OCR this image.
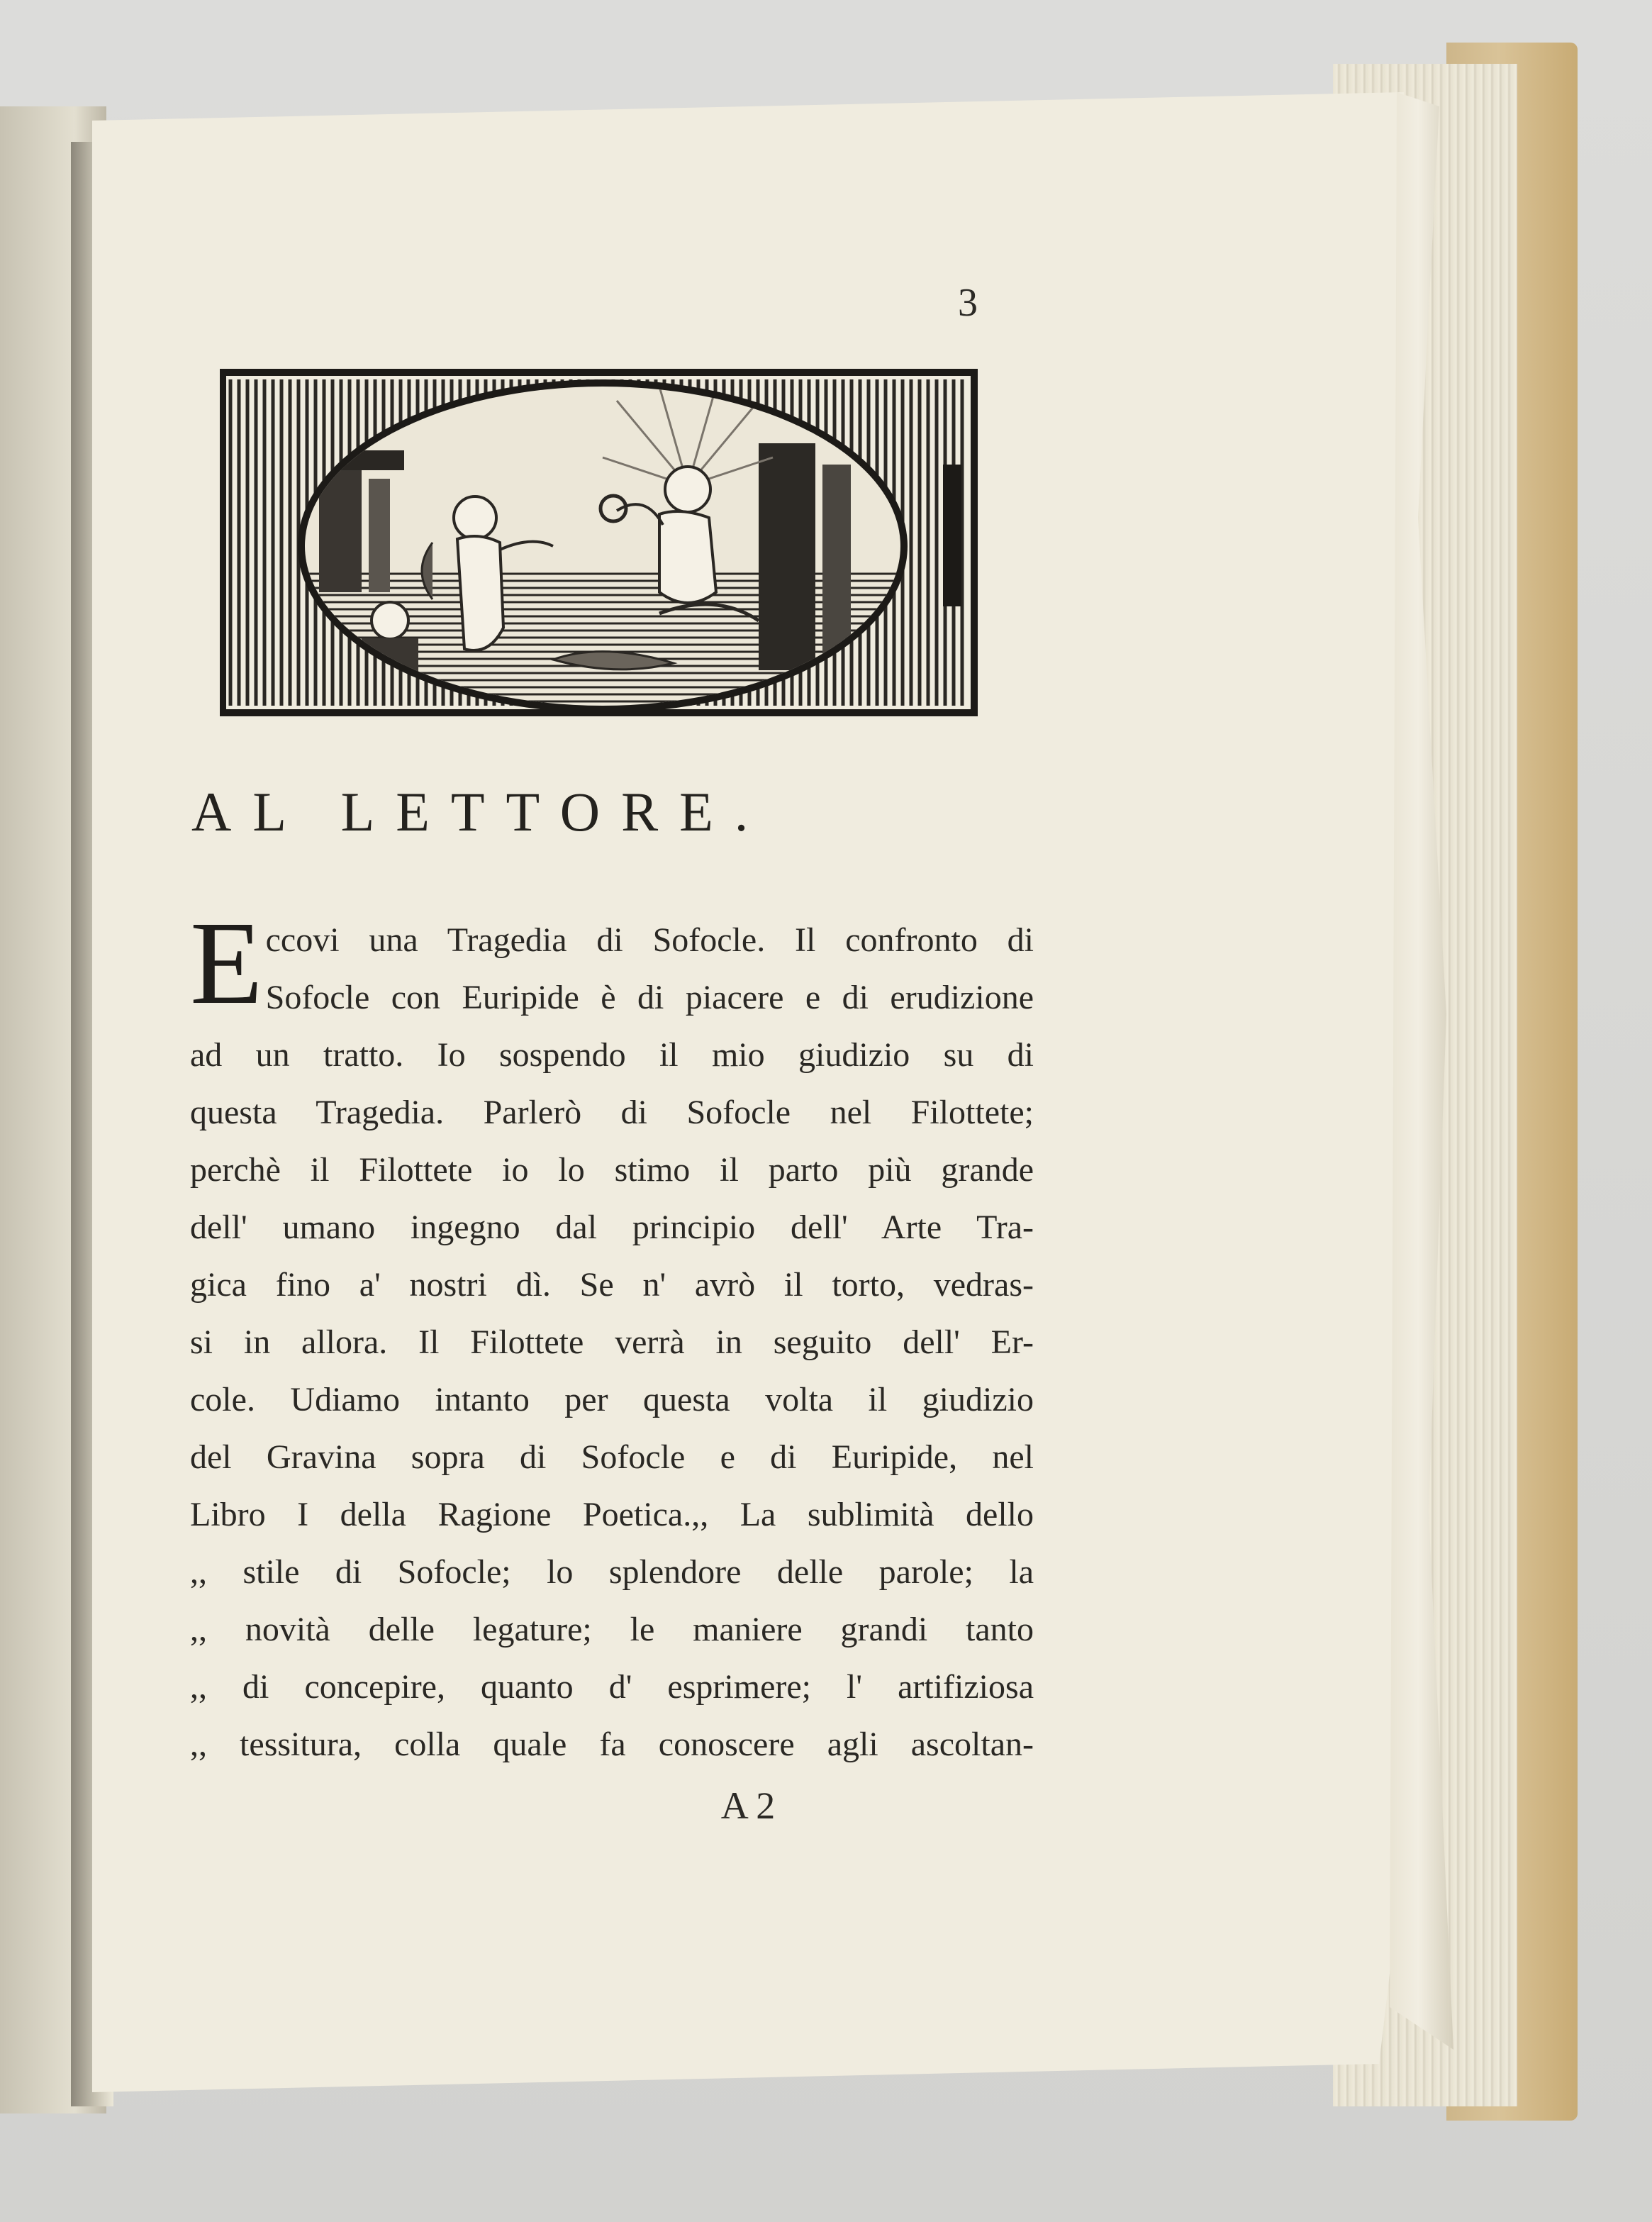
3
AL LETTORE.
E ccovi una Tragedia di Sofocle. Il confronto di
Sofocle con Euripide è di piacere e di erudizione
ad un tratto. Io sospendo il mio giudizio su di
questa Tragedia. Parlerò di Sofocle nel Filottete;
perchè il Filottete io lo stimo il parto più grande
dell' umano ingegno dal principio dell' Arte Tra-
gica fino a' nostri dì. Se n' avrò il torto, vedras-
si in allora. Il Filottete verrà in seguito dell' Er-
cole. Udiamo intanto per questa volta il giudizio
del Gravina sopra di Sofocle e di Euripide, nel
Libro I della Ragione Poetica.,, La sublimità dello
,, stile di Sofocle; lo splendore delle parole; la
,, novità delle legature; le maniere grandi tanto
,, di concepire, quanto d' esprimere; l' artifiziosa
,, tessitura, colla quale fa conoscere agli ascoltan-
A 2
